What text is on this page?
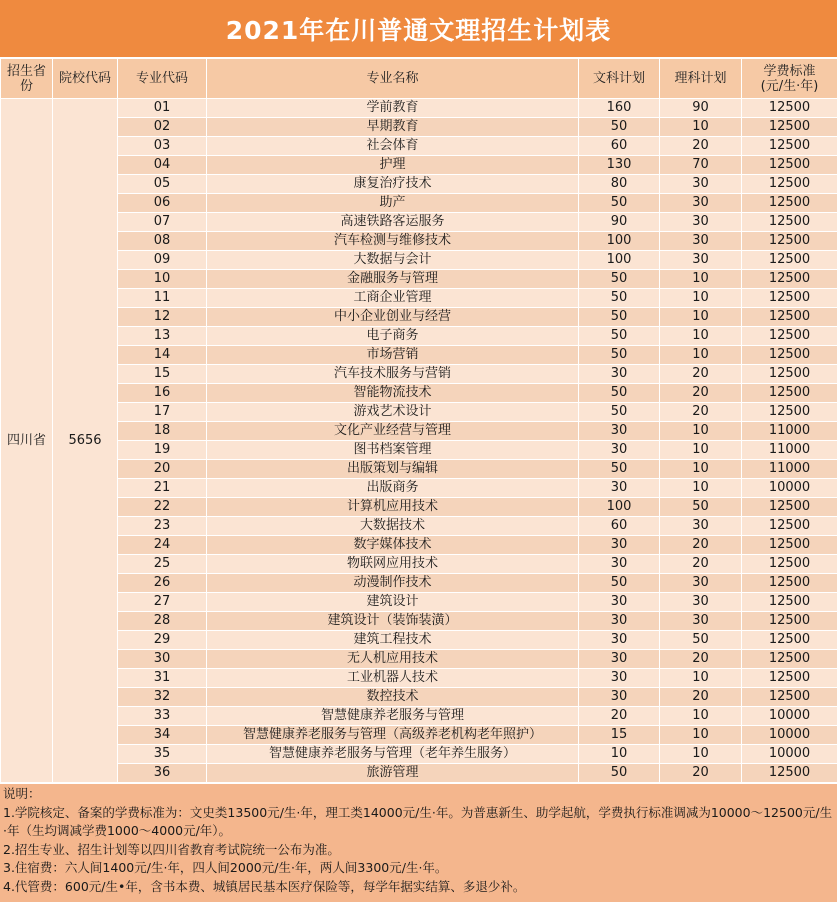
2021年在川普通文理招生计划表
招生省份	院校代码	专业代码	专业名称	文科计划	理科计划	学费标准
(元/生·年)

四川省	5656	01	学前教育	160	90	12500
		02	早期教育	50	10	12500
		03	社会体育	60	20	12500
		04	护理	130	70	12500
		05	康复治疗技术	80	30	12500
		06	助产	50	30	12500
		07	高速铁路客运服务	90	30	12500
		08	汽车检测与维修技术	100	30	12500
		09	大数据与会计	100	30	12500
		10	金融服务与管理	50	10	12500
		11	工商企业管理	50	10	12500
		12	中小企业创业与经营	50	10	12500
		13	电子商务	50	10	12500
		14	市场营销	50	10	12500
		15	汽车技术服务与营销	30	20	12500
		16	智能物流技术	50	20	12500
		17	游戏艺术设计	50	20	12500
		18	文化产业经营与管理	30	10	11000
		19	图书档案管理	30	10	11000
		20	出版策划与编辑	50	10	11000
		21	出版商务	30	10	10000
		22	计算机应用技术	100	50	12500
		23	大数据技术	60	30	12500
		24	数字媒体技术	30	20	12500
		25	物联网应用技术	30	20	12500
		26	动漫制作技术	50	30	12500
		27	建筑设计	30	30	12500
		28	建筑设计（装饰装潢）	30	30	12500
		29	建筑工程技术	30	50	12500
		30	无人机应用技术	30	20	12500
		31	工业机器人技术	30	10	12500
		32	数控技术	30	20	12500
		33	智慧健康养老服务与管理	20	10	10000
		34	智慧健康养老服务与管理（高级养老机构老年照护）	15	10	10000
		35	智慧健康养老服务与管理（老年养生服务）	10	10	10000
		36	旅游管理	50	20	12500
说明：
1.学院核定、备案的学费标准为：文史类13500元/生·年，理工类14000元/生·年。为普惠新生、助学起航，学费执行标准调减为10000～12500元/生·年（生均调减学费1000～4000元/年）。
2.招生专业、招生计划等以四川省教育考试院统一公布为准。
3.住宿费：六人间1400元/生·年，四人间2000元/生·年，两人间3300元/生·年。
4.代管费：600元/生•年，含书本费、城镇居民基本医疗保险等，每学年据实结算、多退少补。
